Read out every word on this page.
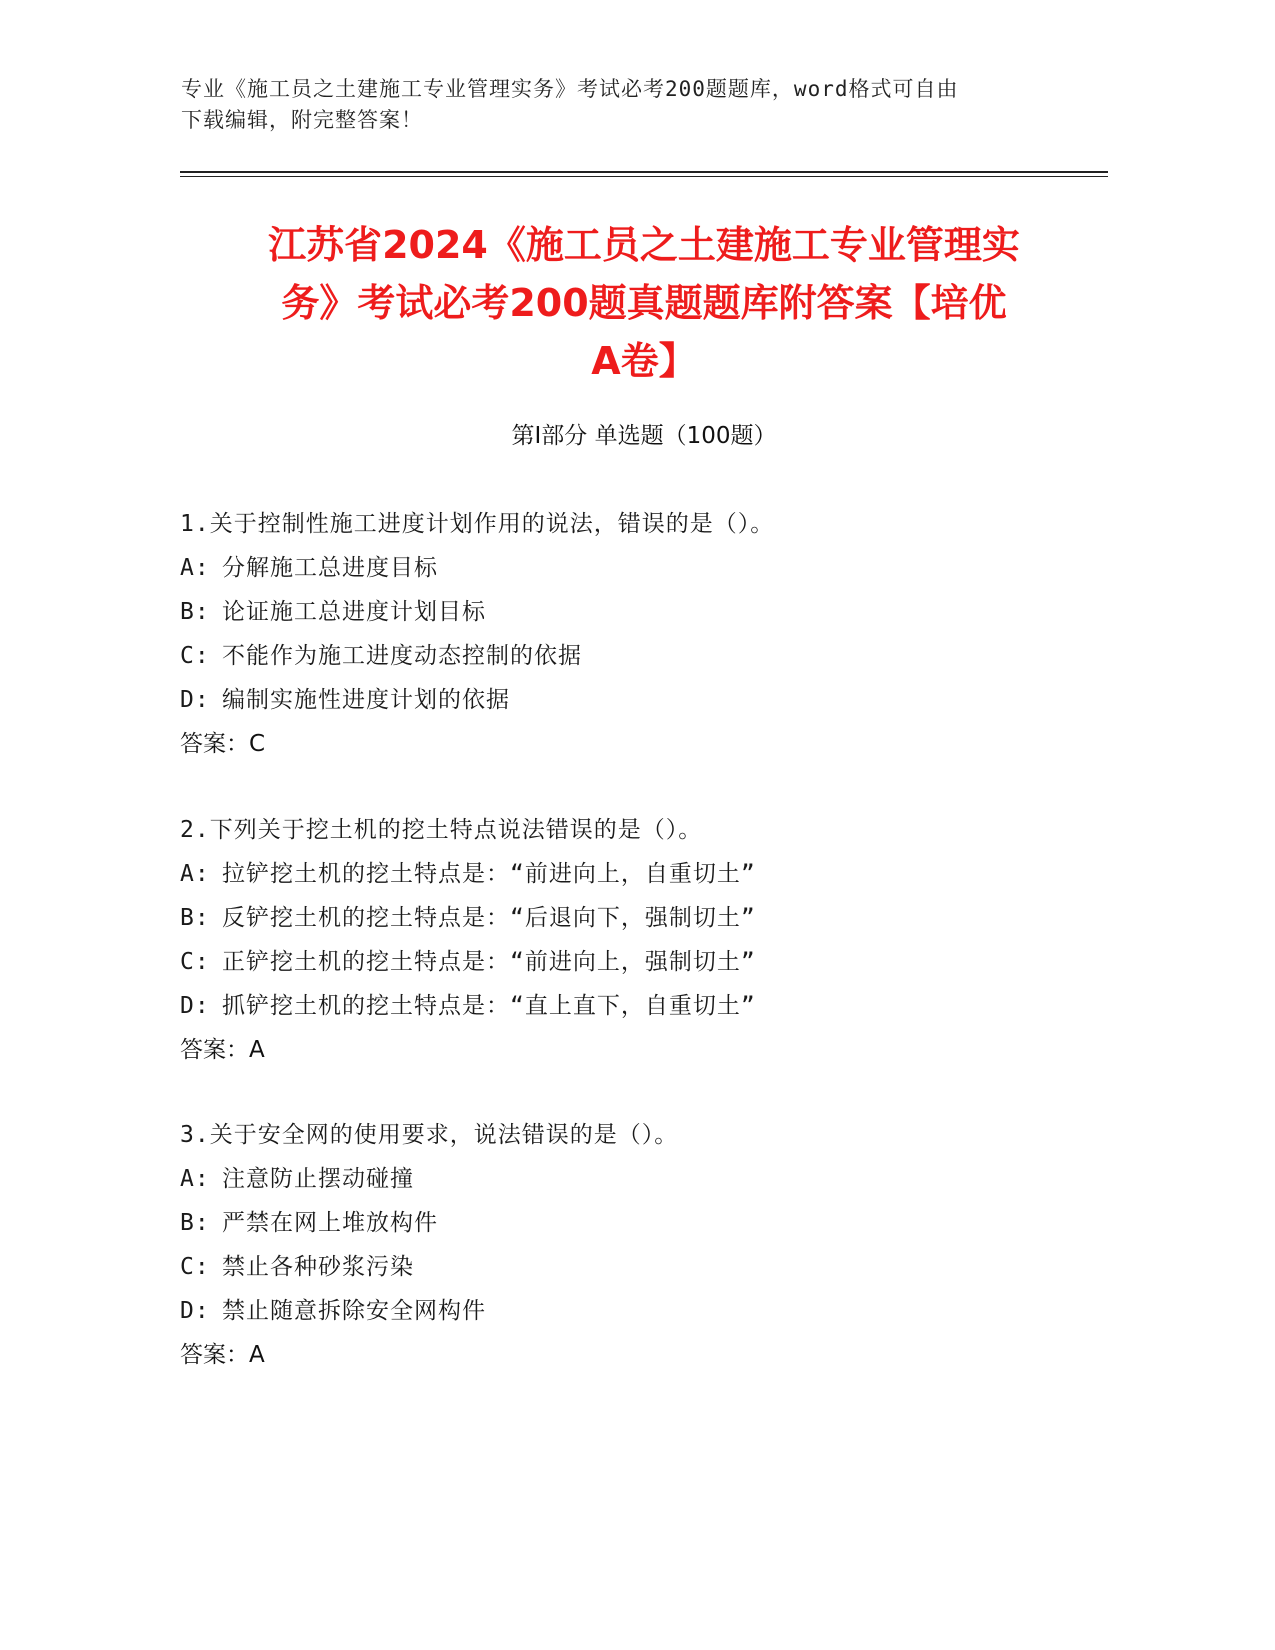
专业《施工员之土建施工专业管理实务》考试必考200题题库，word格式可自由
下载编辑，附完整答案！
江苏省2024《施工员之土建施工专业管理实
务》考试必考200题真题题库附答案【培优
A卷】
第Ⅰ部分 单选题（100题）
1.关于控制性施工进度计划作用的说法，错误的是（）。
A: 分解施工总进度目标
B: 论证施工总进度计划目标
C: 不能作为施工进度动态控制的依据
D: 编制实施性进度计划的依据
答案：C
2.下列关于挖土机的挖土特点说法错误的是（）。
A: 拉铲挖土机的挖土特点是：“前进向上，自重切土”
B: 反铲挖土机的挖土特点是：“后退向下，强制切土”
C: 正铲挖土机的挖土特点是：“前进向上，强制切土”
D: 抓铲挖土机的挖土特点是：“直上直下，自重切土”
答案：A
3.关于安全网的使用要求，说法错误的是（）。
A: 注意防止摆动碰撞
B: 严禁在网上堆放构件
C: 禁止各种砂浆污染
D: 禁止随意拆除安全网构件
答案：A
